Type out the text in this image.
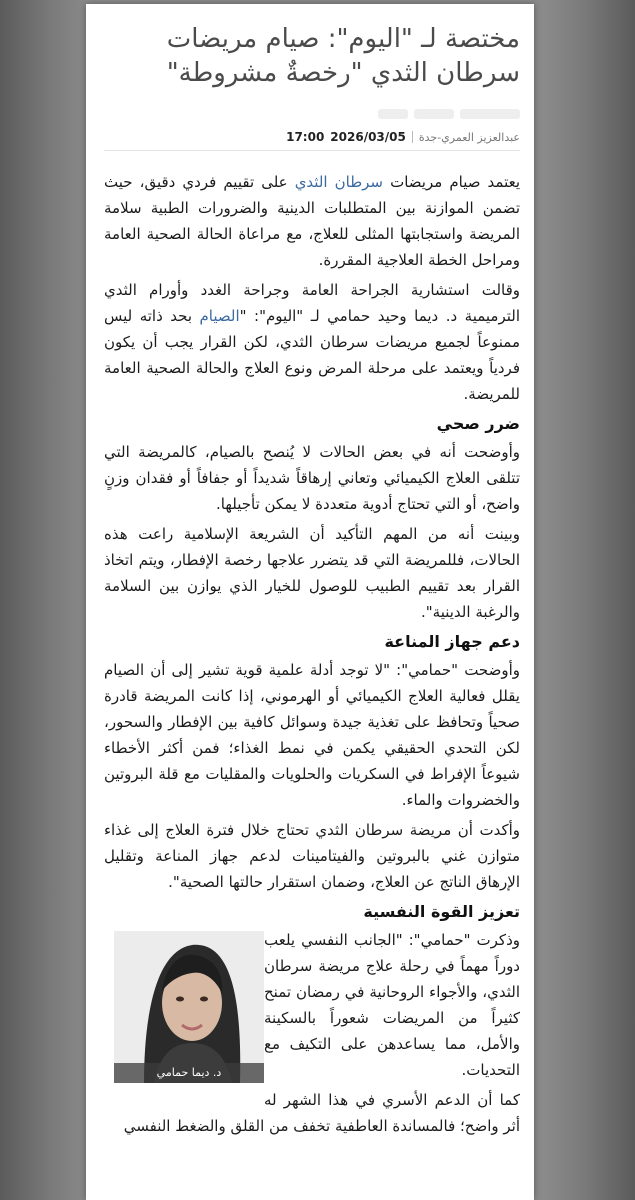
مختصة لـ "اليوم": صيام مريضات سرطان الثدي "رخصةٌ مشروطة"
عبدالعزيز العمري-جدة
2026/03/05
17:00

يعتمد صيام مريضات سرطان الثدي على تقييم فردي دقيق، حيث تضمن الموازنة بين المتطلبات الدينية والضرورات الطبية سلامة المريضة واستجابتها المثلى للعلاج، مع مراعاة الحالة الصحية العامة ومراحل الخطة العلاجية المقررة.

وقالت استشارية الجراحة العامة وجراحة الغدد وأورام الثدي الترميمية د. ديما وحيد حمامي لـ "اليوم": "الصيام بحد ذاته ليس ممنوعاً لجميع مريضات سرطان الثدي، لكن القرار يجب أن يكون فردياً ويعتمد على مرحلة المرض ونوع العلاج والحالة الصحية العامة للمريضة.

ضرر صحي

وأوضحت أنه في بعض الحالات لا يُنصح بالصيام، كالمريضة التي تتلقى العلاج الكيميائي وتعاني إرهاقاً شديداً أو جفافاً أو فقدان وزنٍ واضح، أو التي تحتاج أدوية متعددة لا يمكن تأجيلها.

وبينت أنه من المهم التأكيد أن الشريعة الإسلامية راعت هذه الحالات، فللمريضة التي قد يتضرر علاجها رخصة الإفطار، ويتم اتخاذ القرار بعد تقييم الطبيب للوصول للخيار الذي يوازن بين السلامة والرغبة الدينية".

دعم جهاز المناعة

وأوضحت "حمامي": "لا توجد أدلة علمية قوية تشير إلى أن الصيام يقلل فعالية العلاج الكيميائي أو الهرموني، إذا كانت المريضة قادرة صحياً وتحافظ على تغذية جيدة وسوائل كافية بين الإفطار والسحور، لكن التحدي الحقيقي يكمن في نمط الغذاء؛ فمن أكثر الأخطاء شيوعاً الإفراط في السكريات والحلويات والمقليات مع قلة البروتين والخضروات والماء.

وأكدت أن مريضة سرطان الثدي تحتاج خلال فترة العلاج إلى غذاء متوازن غني بالبروتين والفيتامينات لدعم جهاز المناعة وتقليل الإرهاق الناتج عن العلاج، وضمان استقرار حالتها الصحية".

تعزيز القوة النفسية
د. ديما حمامي

وذكرت "حمامي": "الجانب النفسي يلعب دوراً مهماً في رحلة علاج مريضة سرطان الثدي، والأجواء الروحانية في رمضان تمنح كثيراً من المريضات شعوراً بالسكينة والأمل، مما يساعدهن على التكيف مع التحديات.

كما أن الدعم الأسري في هذا الشهر له أثر واضح؛ فالمساندة العاطفية تخفف من القلق والضغط النفسي
